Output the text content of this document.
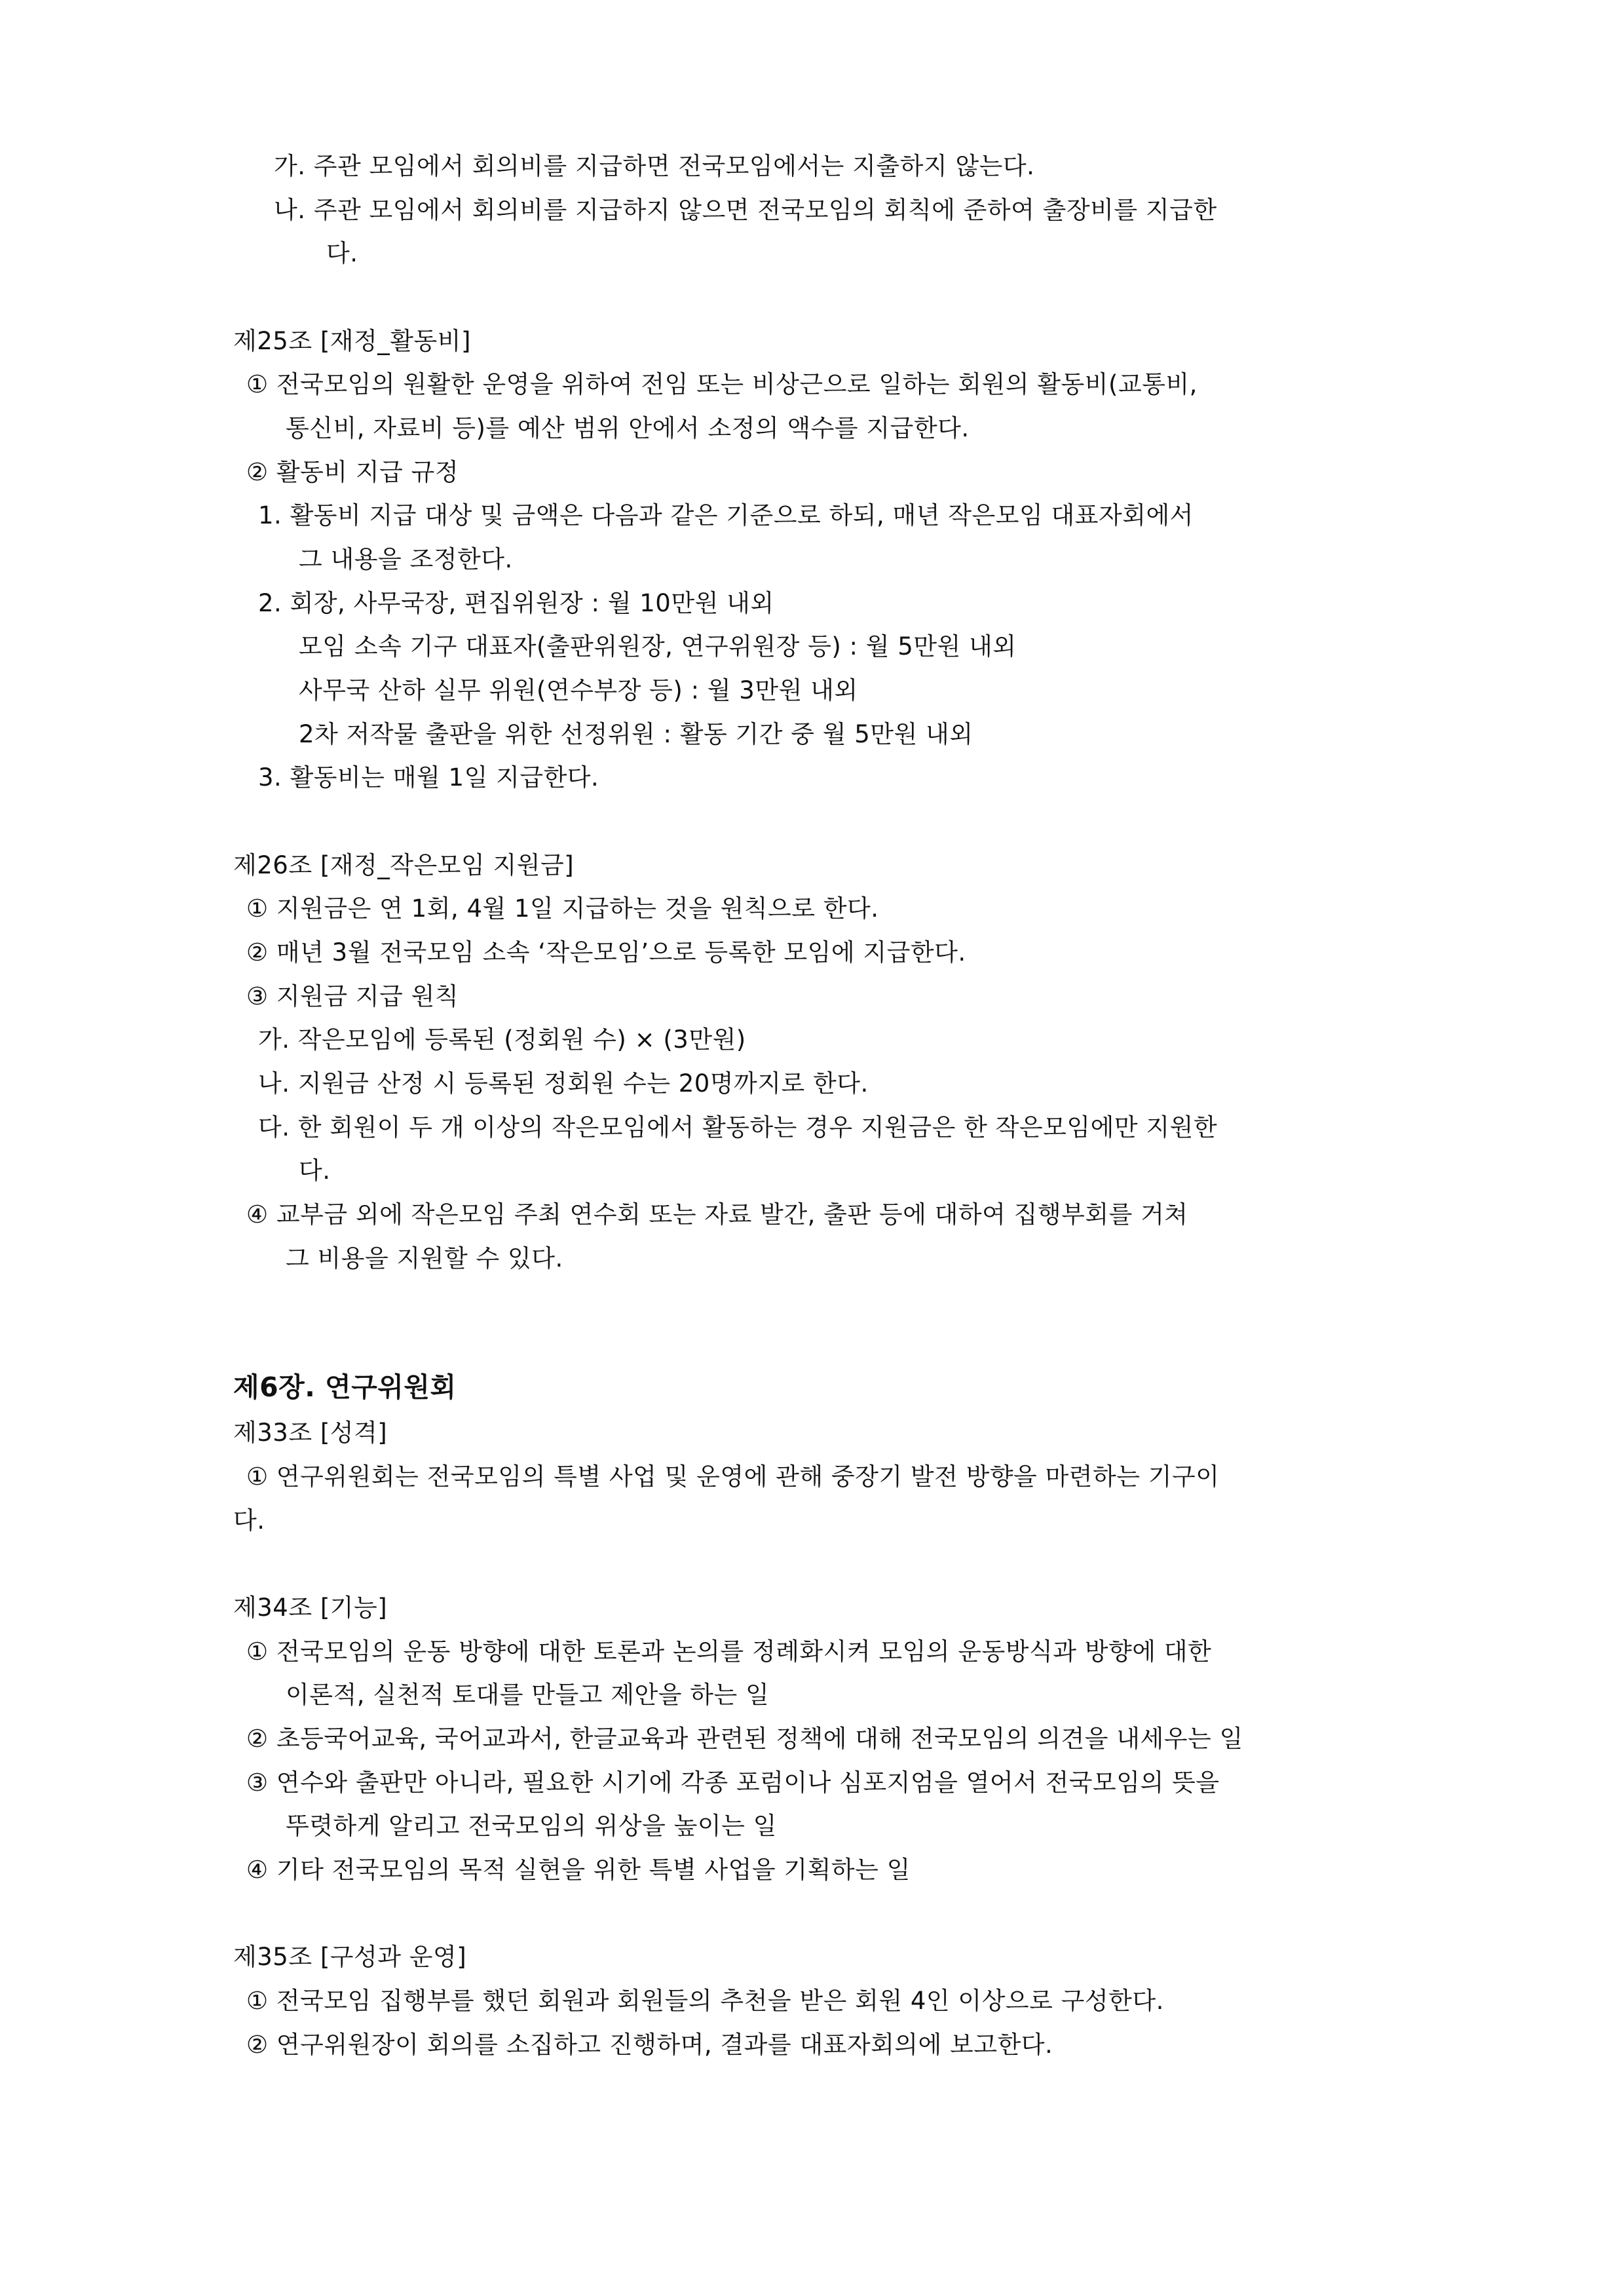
가. 주관 모임에서 회의비를 지급하면 전국모임에서는 지출하지 않는다.
나. 주관 모임에서 회의비를 지급하지 않으면 전국모임의 회칙에 준하여 출장비를 지급한
다.
제25조 [재정_활동비]
① 전국모임의 원활한 운영을 위하여 전임 또는 비상근으로 일하는 회원의 활동비(교통비,
통신비, 자료비 등)를 예산 범위 안에서 소정의 액수를 지급한다.
② 활동비 지급 규정
1. 활동비 지급 대상 및 금액은 다음과 같은 기준으로 하되, 매년 작은모임 대표자회에서
그 내용을 조정한다.
2. 회장, 사무국장, 편집위원장 : 월 10만원 내외
모임 소속 기구 대표자(출판위원장, 연구위원장 등) : 월 5만원 내외
사무국 산하 실무 위원(연수부장 등) : 월 3만원 내외
2차 저작물 출판을 위한 선정위원 : 활동 기간 중 월 5만원 내외
3. 활동비는 매월 1일 지급한다.
제26조 [재정_작은모임 지원금]
① 지원금은 연 1회, 4월 1일 지급하는 것을 원칙으로 한다.
② 매년 3월 전국모임 소속 ‘작은모임’으로 등록한 모임에 지급한다.
③ 지원금 지급 원칙
가. 작은모임에 등록된 (정회원 수) × (3만원)
나. 지원금 산정 시 등록된 정회원 수는 20명까지로 한다.
다. 한 회원이 두 개 이상의 작은모임에서 활동하는 경우 지원금은 한 작은모임에만 지원한
다.
④ 교부금 외에 작은모임 주최 연수회 또는 자료 발간, 출판 등에 대하여 집행부회를 거쳐
그 비용을 지원할 수 있다.
제6장. 연구위원회
제33조 [성격]
① 연구위원회는 전국모임의 특별 사업 및 운영에 관해 중장기 발전 방향을 마련하는 기구이
다.
제34조 [기능]
① 전국모임의 운동 방향에 대한 토론과 논의를 정례화시켜 모임의 운동방식과 방향에 대한
이론적, 실천적 토대를 만들고 제안을 하는 일
② 초등국어교육, 국어교과서, 한글교육과 관련된 정책에 대해 전국모임의 의견을 내세우는 일
③ 연수와 출판만 아니라, 필요한 시기에 각종 포럼이나 심포지엄을 열어서 전국모임의 뜻을
뚜렷하게 알리고 전국모임의 위상을 높이는 일
④ 기타 전국모임의 목적 실현을 위한 특별 사업을 기획하는 일
제35조 [구성과 운영]
① 전국모임 집행부를 했던 회원과 회원들의 추천을 받은 회원 4인 이상으로 구성한다.
② 연구위원장이 회의를 소집하고 진행하며, 결과를 대표자회의에 보고한다.
